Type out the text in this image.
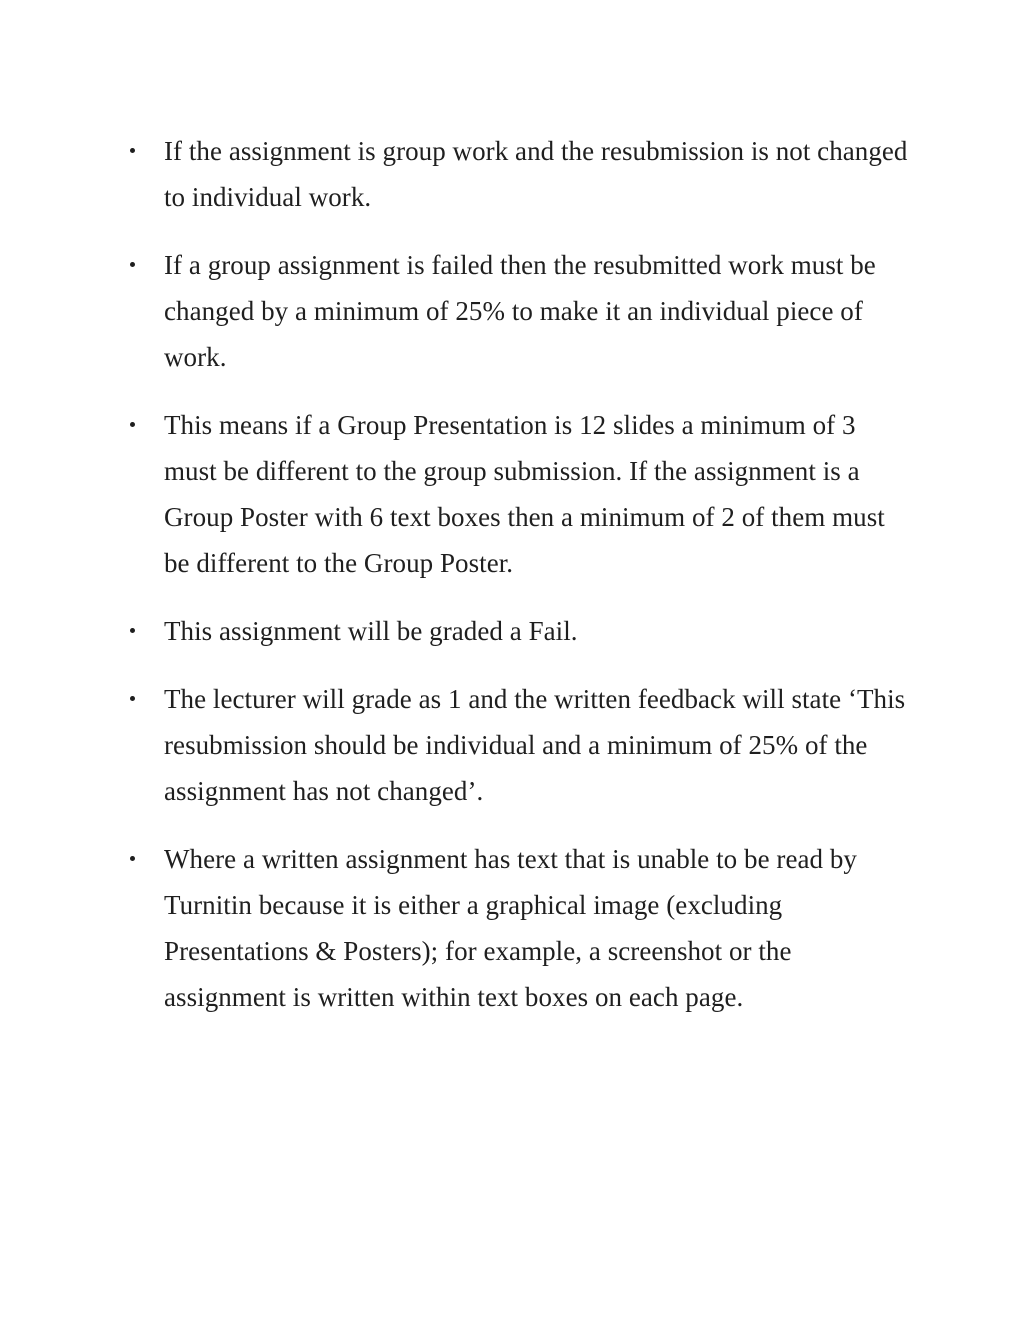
If the assignment is group work and the resubmission is not changed to individual work.
If a group assignment is failed then the resubmitted work must be changed by a minimum of 25% to make it an individual piece of work.
This means if a Group Presentation is 12 slides a minimum of 3 must be different to the group submission. If the assignment is a Group Poster with 6 text boxes then a minimum of 2 of them must be different to the Group Poster.
This assignment will be graded a Fail.
The lecturer will grade as 1 and the written feedback will state ‘This resubmission should be individual and a minimum of 25% of the assignment has not changed’.
Where a written assignment has text that is unable to be read by Turnitin because it is either a graphical image (excluding Presentations & Posters); for example, a screenshot or the assignment is written within text boxes on each page.
